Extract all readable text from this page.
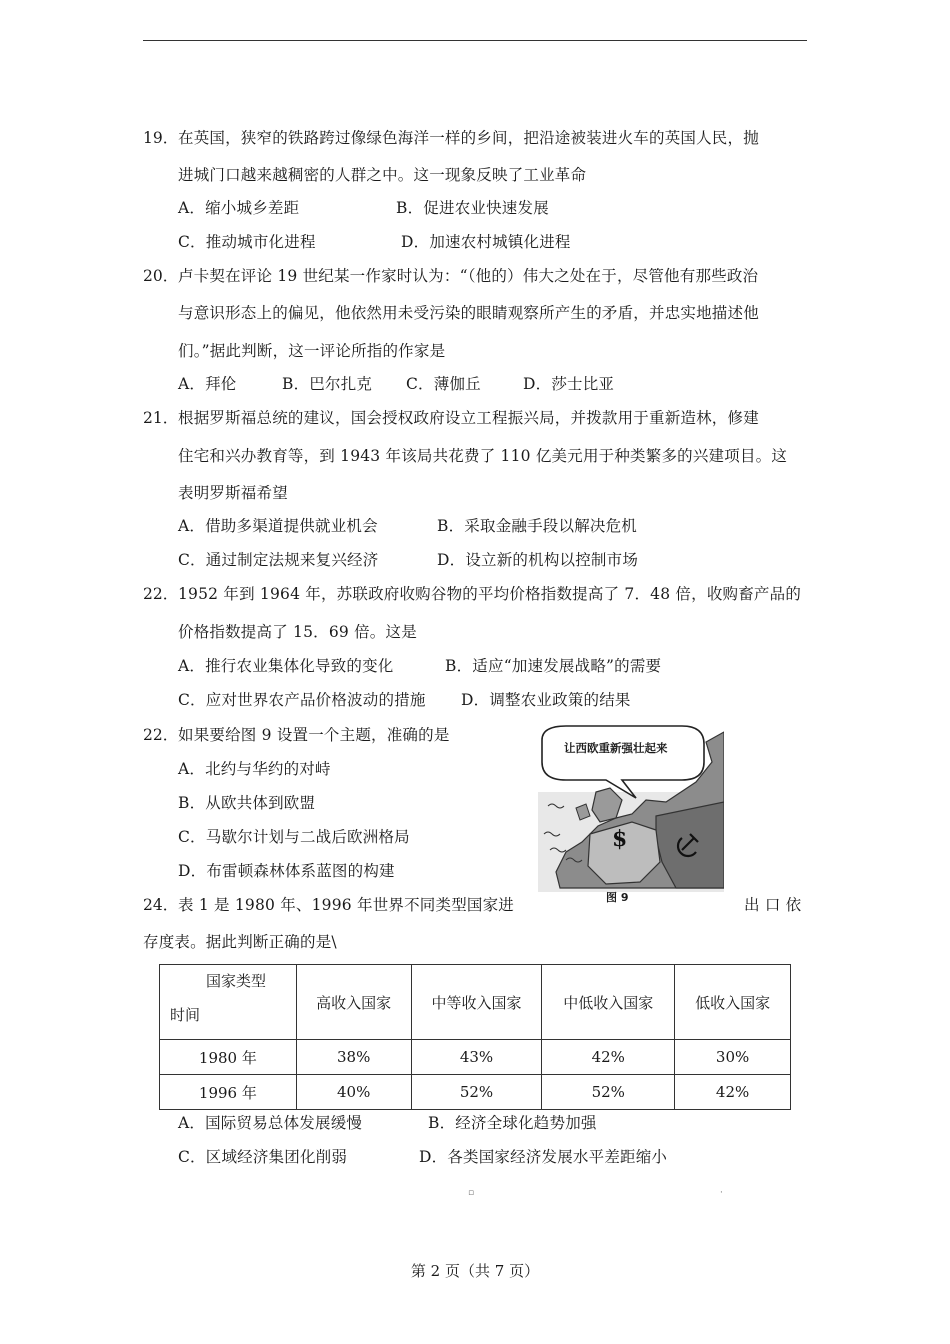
19． 在英国，狭窄的铁路跨过像绿色海洋一样的乡间，把沿途被装进火车的英国人民，抛
进城门口越来越稠密的人群之中。这一现象反映了工业革命
A．缩小城乡差距	B．促进农业快速发展
C．推动城市化进程	D．加速农村城镇化进程
20． 卢卡契在评论 19 世纪某一作家时认为：“（他的）伟大之处在于，尽管他有那些政治
与意识形态上的偏见，他依然用未受污染的眼睛观察所产生的矛盾，并忠实地描述他
们。”据此判断，这一评论所指的作家是
A．拜伦	B．巴尔扎克 C．薄伽丘	D．莎士比亚
21． 根据罗斯福总统的建议，国会授权政府设立工程振兴局，并拨款用于重新造林，修建
住宅和兴办教育等，到 1943 年该局共花费了 110 亿美元用于种类繁多的兴建项目。这
表明罗斯福希望
A．借助多渠道提供就业机会	B．采取金融手段以解决危机
C．通过制定法规来复兴经济	D．设立新的机构以控制市场
22． 1952 年到 1964 年，苏联政府收购谷物的平均价格指数提高了 7．48 倍，收购畜产品的
价格指数提高了 15．69 倍。这是
A．推行农业集体化导致的变化	B．适应“加速发展战略”的需要
C．应对世界农产品价格波动的措施 D．调整农业政策的结果
22． 如果要给图 9 设置一个主题，准确的是
A．北约与华约的对峙
B．从欧共体到欧盟
C．马歇尔计划与二战后欧洲格局
D．布雷顿森林体系蓝图的构建
让西欧重新强壮起来
$
图 9
24． 表 1 是 1980 年、1996 年世界不同类型国家进	出 口 依
存度表。据此判断正确的是\
国家类型
时间	高收入国家	中等收入国家	中低收入国家	低收入国家
1980 年	38%	43%	42%	30%
1996 年	40%	52%	52%	42%
A．国际贸易总体发展缓慢	B．经济全球化趋势加强
C．区域经济集团化削弱	D．各类国家经济发展水平差距缩小
▫	·
第 2 页（共 7 页）
